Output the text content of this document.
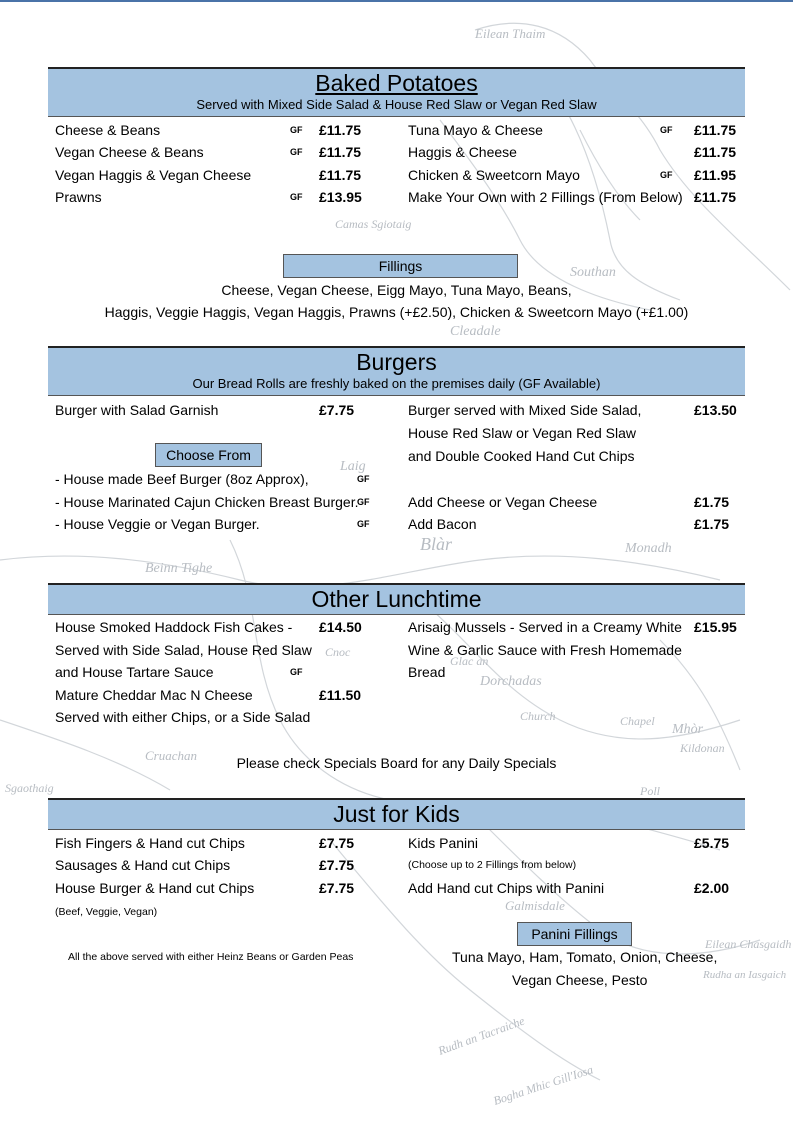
Eilean Thaim
Camas Sgiotaig
Southan
Laig
Blàr
Beinn Tighe
Dorchadas
Church	Chapel
Mhòr
Kildonan
Galmisdale
Eilean Chasgaidh
Rudha an Iasgaich
Rudh an Tacraiche
Bogha Mhic Gill'Iosa
Cleadale
Monadh
Glac an
Cnoc
Cruachan
Sgaothaig	Poll
Baked Potatoes
Served with Mixed Side Salad & House Red Slaw or Vegan Red Slaw
Cheese & Beans	GF £11.75
Vegan Cheese & Beans	GF £11.75
Vegan Haggis & Vegan Cheese	£11.75
Prawns	GF £13.95
Tuna Mayo & Cheese	GF £11.75
Haggis & Cheese	£11.75
Chicken & Sweetcorn Mayo	GF £11.95
Make Your Own with 2 Fillings (From Below) £11.75
Fillings
Cheese, Vegan Cheese, Eigg Mayo, Tuna Mayo, Beans,
Haggis, Veggie Haggis, Vegan Haggis, Prawns (+£2.50), Chicken & Sweetcorn Mayo (+£1.00)
Burgers
Our Bread Rolls are freshly baked on the premises daily (GF Available)
Burger with Salad Garnish	£7.75
Choose From
- House made Beef Burger (8oz Approx),	GF
- House Marinated Cajun Chicken Breast Burger.
GF
- House Veggie or Vegan Burger.	GF
Burger served with Mixed Side Salad,
House Red Slaw or Vegan Red Slaw
and Double Cooked Hand Cut Chips
£13.50
Add Cheese or Vegan Cheese	£1.75
Add Bacon	£1.75
Other Lunchtime
House Smoked Haddock Fish Cakes -
Served with Side Salad, House Red Slaw
and House Tartare Sauce	GF
£14.50
Mature Cheddar Mac N Cheese
Served with either Chips, or a Side Salad
£11.50
Arisaig Mussels - Served in a Creamy White
Wine & Garlic Sauce with Fresh Homemade
Bread
£15.95
Please check Specials Board for any Daily Specials
Just for Kids
Fish Fingers & Hand cut Chips	£7.75
Sausages & Hand cut Chips	£7.75
House Burger & Hand cut Chips	£7.75
(Beef, Veggie, Vegan)
Kids Panini	£5.75
(Choose up to 2 Fillings from below)
Add Hand cut Chips with Panini	£2.00
All the above served with either Heinz Beans or Garden Peas
Panini Fillings
Tuna Mayo, Ham, Tomato, Onion, Cheese,
Vegan Cheese, Pesto
